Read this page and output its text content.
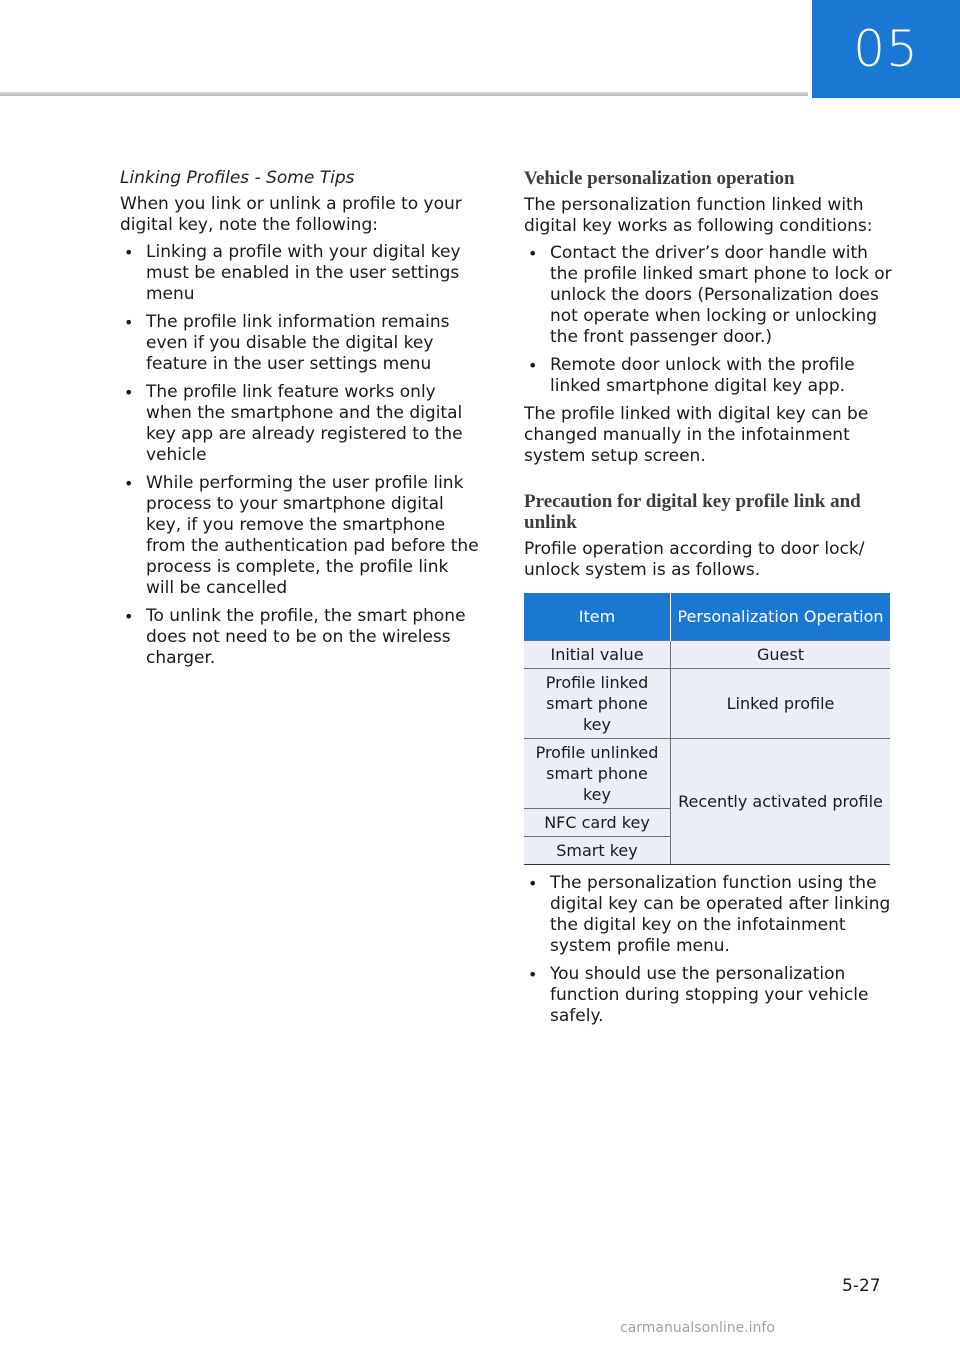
05
Linking Profiles - Some Tips

When you link or unlink a profile to your digital key, note the following:

• Linking a profile with your digital key must be enabled in the user settings menu
• The profile link information remains even if you disable the digital key feature in the user settings menu
• The profile link feature works only when the smartphone and the digital key app are already registered to the vehicle
• While performing the user profile link process to your smartphone digital key, if you remove the smartphone from the authentication pad before the process is complete, the profile link will be cancelled
• To unlink the profile, the smart phone does not need to be on the wireless charger.
Vehicle personalization operation

The personalization function linked with digital key works as following conditions:

• Contact the driver’s door handle with the profile linked smart phone to lock or unlock the doors (Personalization does not operate when locking or unlocking the front passenger door.)
• Remote door unlock with the profile linked smartphone digital key app.

The profile linked with digital key can be changed manually in the infotainment system setup screen.

Precaution for digital key profile link and unlink

Profile operation according to door lock/ unlock system is as follows.

Item	Personalization Operation
Initial value	Guest
Profile linked smart phone key	Linked profile
Profile unlinked smart phone key	Recently activated profile
NFC card key	
Smart key	
• The personalization function using the digital key can be operated after linking the digital key on the infotainment system profile menu.
• You should use the personalization function during stopping your vehicle safely.
5-27
carmanualsonline.info
